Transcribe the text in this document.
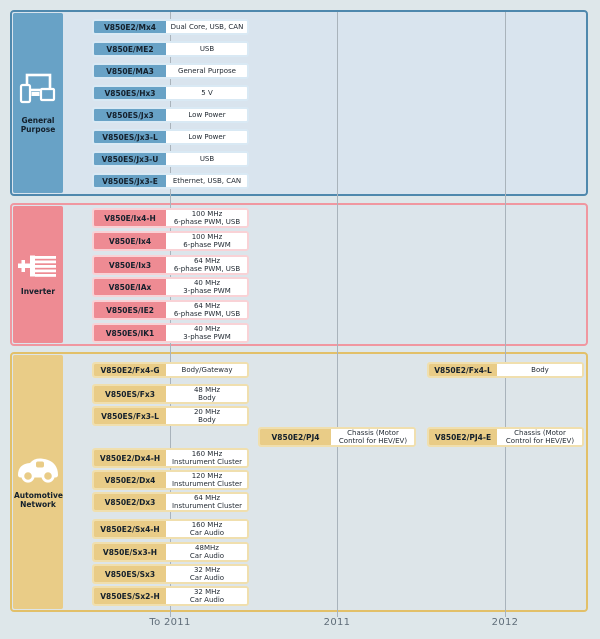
General Purpose
Inverter
Automotive Network
V850E2/Mx4	Dual Core, USB, CAN
V850E/ME2	USB
V850E/MA3	General Purpose
V850ES/Hx3	5 V
V850ES/Jx3	Low Power
V850ES/Jx3-L	Low Power
V850ES/Jx3-U	USB
V850ES/Jx3-E	Ethernet, USB, CAN
V850E/Ix4-H	100 MHz
6-phase PWM, USB
V850E/Ix4	100 MHz
6-phase PWM
V850E/Ix3	64 MHz
6-phase PWM, USB
V850E/IAx	40 MHz
3-phase PWM
V850ES/IE2	64 MHz
6-phase PWM, USB
V850ES/IK1	40 MHz
3-phase PWM
V850E2/Fx4-G	Body/Gateway
V850ES/Fx3	48 MHz
Body
V850ES/Fx3-L	20 MHz
Body
V850E2/Dx4-H	160 MHz
Insturument Cluster
V850E2/Dx4	120 MHz
Insturument Cluster
V850E2/Dx3	64 MHz
Insturument Cluster
V850E2/Sx4-H	160 MHz
Car Audio
V850E/Sx3-H	48MHz
Car Audio
V850ES/Sx3	32 MHz
Car Audio
V850ES/Sx2-H	32 MHz
Car Audio
V850E2/PJ4	Chassis (Motor
Control for HEV/EV)
V850E2/Fx4-L	Body
V850E2/PJ4-E	Chassis (Motor
Control for HEV/EV)
To 2011	2011	2012
